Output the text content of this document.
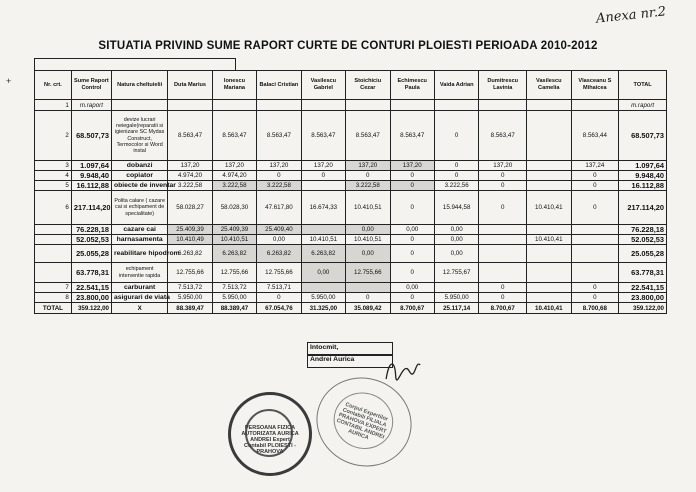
Anexa nr.2
SITUATIA PRIVIND SUME RAPORT CURTE DE CONTURI PLOIESTI PERIOADA 2010-2012
+	Nr. crt.	Sume Raport Control	Natura cheltuielii	Duta Marius	Ionescu Mariana	Balaci Cristian	Vasilescu Gabriel	Stoichiciu Cezar	Echimescu Paula	Vaida Adrian	Dumitrescu Lavinia	Vasilescu Camelia	Vlasceanu S Mihaicea	TOTAL
1	m.raport												m.raport
2	68.507,73	devize lucrari neiegale(reparatii si igienizare SC Mydas Construct, Termocolor si Word instal	8.563,47	8.563,47	8.563,47	8.563,47	8.563,47	8.563,47	0	8.563,47		8.563,44	68.507,73
3	1.097,64	dobanzi	137,20	137,20	137,20	137,20	137,20	137,20	0	137,20		137,24	1.097,64
4	9.948,40	copiator	4.974,20	4.974,20	0	0	0	0	0	0		0	9.948,40
5	16.112,88	obiecte de inventar	3.222,58	3.222,58	3.222,58		3.222,58	0	3.222,56	0		0	16.112,88
6	217.114,20	Polita calare ( cazare cai si echipament de specialitate)	58.028,27	58.028,30	47.617,80	16.674,33	10.410,51	0	15.944,58	0	10.410,41	0	217.114,20
	76.228,18	cazare cai	25.409,39	25.409,39	25.409,40		0,00	0,00	0,00				76.228,18
	52.052,53	harnasamenta	10.410,49	10.410,51	0,00	10.410,51	10.410,51	0	0,00		10.410,41		52.052,53
	25.055,28	reabilitare hipodrom	6.263,82	6.263,82	6.263,82	6.263,82	0,00	0	0,00				25.055,28
	63.778,31	echipament interventie rapida	12.755,66	12.755,66	12.755,66	0,00	12.755,66	0	12.755,67				63.778,31
7	22.541,15	carburant	7.513,72	7.513,72	7.513,71			0,00		0		0	22.541,15
8	23.800,00	asigurari de viata	5.950,00	5.950,00	0	5.950,00	0	0	5.950,00	0		0	23.800,00
TOTAL	359.122,00	X	88.389,47	88.389,47	67.054,76	31.325,00	35.089,42	8.700,67	25.117,14	8.700,67	10.410,41	8.700,68	359.122,00
Intocmit,
Andrei Aurica
PERSOANA FIZICA AUTORIZATA AURICA ANDREI Expert Contabil PLOIESTI - PRAHOVA
Corpul Expertilor Contabili FILIALA PRAHOVA EXPERT CONTABIL ANDREI AURICA
